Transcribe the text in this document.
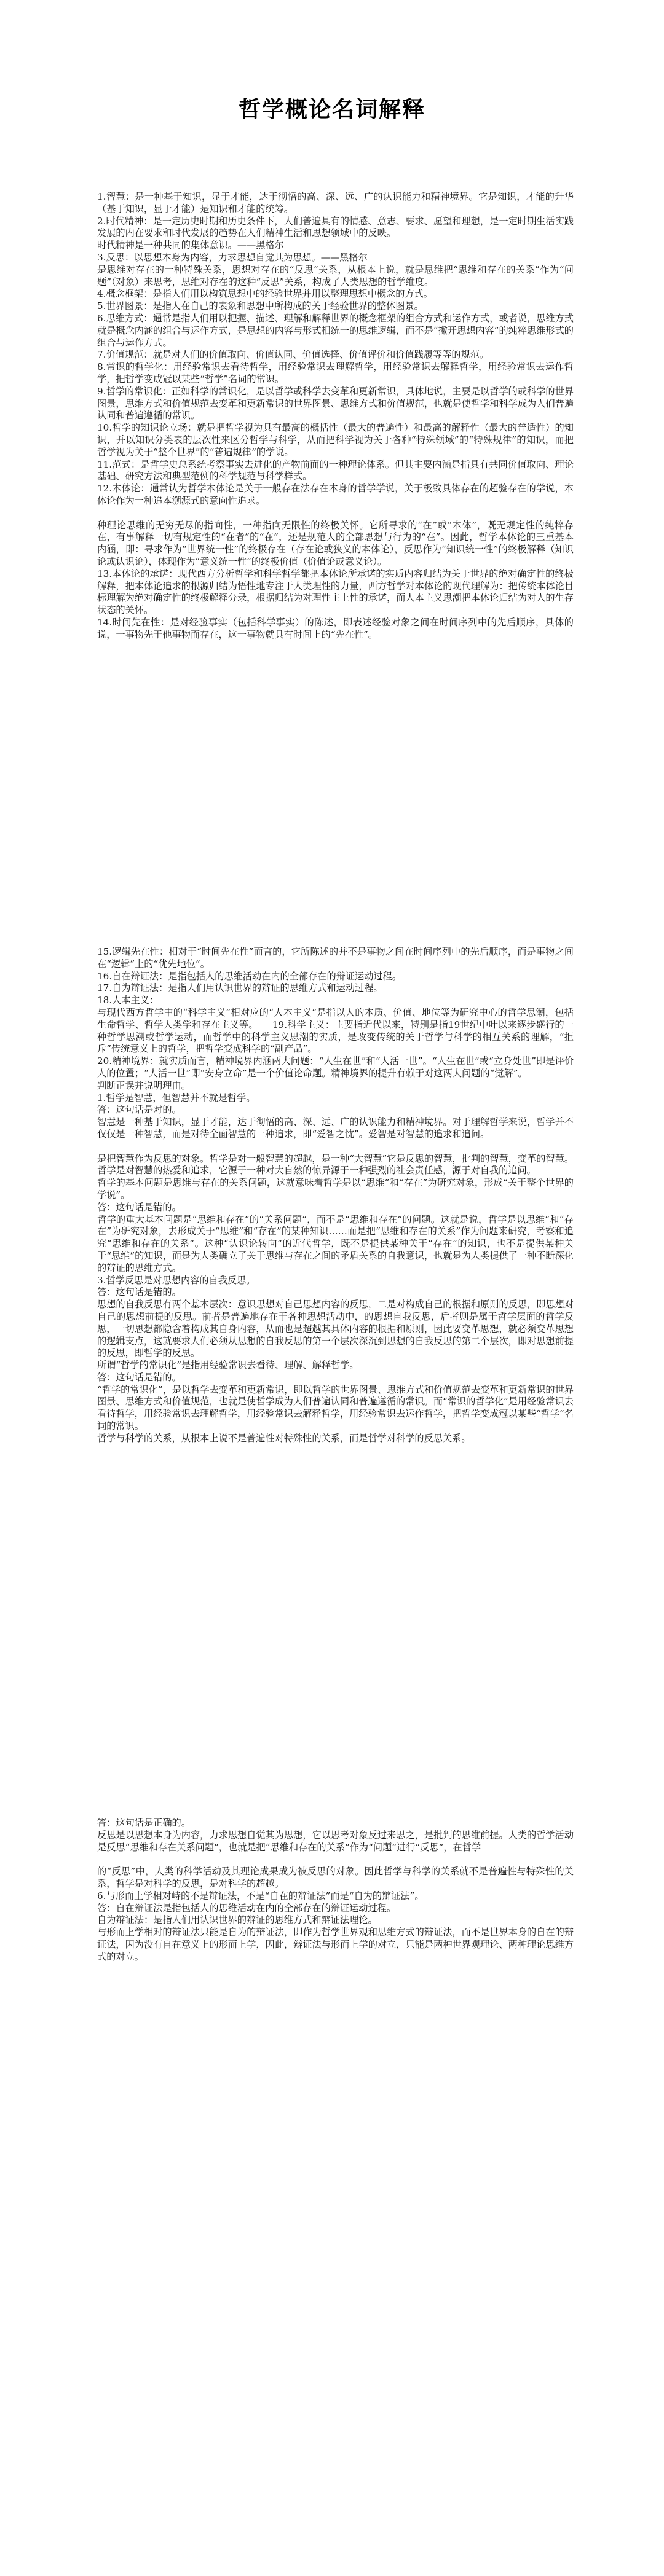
哲学概论名词解释

1.智慧：是一种基于知识，显于才能，达于彻悟的高、深、远、广的认识能力和精神境界。它是知识，才能的升华（基于知识，显于才能）是知识和才能的统筹。

2.时代精神：是一定历史时期和历史条件下，人们普遍具有的情感、意志、要求、愿望和理想，是一定时期生活实践发展的内在要求和时代发展的趋势在人们精神生活和思想领域中的反映。

时代精神是一种共同的集体意识。——黑格尔

3.反思：以思想本身为内容，力求思想自觉其为思想。——黑格尔

是思维对存在的一种特殊关系，思想对存在的“反思”关系，从根本上说，就是思维把“思维和存在的关系”作为“问题”（对象）来思考，思维对存在的这种“反思”关系，构成了人类思想的哲学维度。

4.概念框架：是指人们用以构筑思想中的经验世界并用以整理思想中概念的方式。

5.世界图景：是指人在自己的表象和思想中所构成的关于经验世界的整体图景。

6.思维方式：通常是指人们用以把握、描述、理解和解释世界的概念框架的组合方式和运作方式，或者说，思维方式就是概念内涵的组合与运作方式，是思想的内容与形式相统一的思维逻辑，而不是“撇开思想内容”的纯粹思维形式的组合与运作方式。

7.价值规范：就是对人们的价值取向、价值认同、价值选择、价值评价和价值践履等等的规范。

8.常识的哲学化：用经验常识去看待哲学，用经验常识去理解哲学，用经验常识去解释哲学，用经验常识去运作哲学，把哲学变成冠以某些“哲学”名词的常识。

9.哲学的常识化：正如科学的常识化，是以哲学或科学去变革和更新常识，具体地说，主要是以哲学的或科学的世界图景，思维方式和价值规范去变革和更新常识的世界图景、思维方式和价值规范，也就是使哲学和科学成为人们普遍认同和普遍遵循的常识。

10.哲学的知识论立场：就是把哲学视为具有最高的概括性（最大的普遍性）和最高的解释性（最大的普适性）的知识，并以知识分类表的层次性来区分哲学与科学，从而把科学视为关于各种“特殊领域”的“特殊规律”的知识，而把哲学视为关于“整个世界”的“普遍规律”的学说。

11.范式：是哲学史总系统考察事实去进化的产物前面的一种理论体系。但其主要内涵是指具有共同价值取向、理论基础、研究方法和典型范例的科学规范与科学样式。

12.本体论：通常认为哲学本体论是关于一般存在法存在本身的哲学学说，关于极致具体存在的超验存在的学说，本体论作为一种追本溯源式的意向性追求。

种理论思维的无穷无尽的指向性，一种指向无限性的终极关怀。它所寻求的“在”或“本体”，既无规定性的纯粹存在，有事解释一切有规定性的“在者”的“在”，还是规范人的全部思想与行为的“在”。因此，哲学本体论的三重基本内涵，即：寻求作为“世界统一性”的终极存在（存在论或狭义的本体论），反思作为“知识统一性”的终极解释（知识论或认识论），体现作为“意义统一性”的终极价值（价值论或意义论）。

13.本体论的承诺：现代西方分析哲学和科学哲学都把本体论所承诺的实质内容归结为关于世界的绝对确定性的终极解释，把本体论追求的根源归结为悟性地专注于人类理性的力量，西方哲学对本体论的现代理解为：把传统本体论目标理解为绝对确定性的终极解释分录，根据归结为对理性主上性的承诺，而人本主义思潮把本体论归结为对人的生存状态的关怀。

14.时间先在性：是对经验事实（包括科学事实）的陈述，即表述经验对象之间在时间序列中的先后顺序，具体的说，一事物先于他事物而存在，这一事物就具有时间上的“先在性”。

15.逻辑先在性：相对于“时间先在性”而言的，它所陈述的并不是事物之间在时间序列中的先后顺序，而是事物之间在“逻辑”上的“优先地位”。

16.自在辩证法：是指包括人的思维活动在内的全部存在的辩证运动过程。

17.自为辩证法：是指人们用认识世界的辩证的思维方式和运动过程。

18.人本主义：

与现代西方哲学中的“科学主义”相对应的“人本主义”是指以人的本质、价值、地位等为研究中心的哲学思潮，包括生命哲学、哲学人类学和存在主义等。　　19.科学主义：主要指近代以来，特别是指19世纪中叶以来逐步盛行的一种哲学思潮或哲学运动，而哲学中的科学主义思潮的实质，是改变传统的关于哲学与科学的相互关系的理解，“拒斥”传统意义上的哲学，把哲学变成科学的“副产品”。

20.精神境界：就实质而言，精神境界内涵两大问题：“人生在世”和“人活一世”。“人生在世”或“立身处世”即是评价人的位置；“人活一世”即“安身立命”是一个价值论命题。精神境界的提升有赖于对这两大问题的“觉解”。

判断正误并说明理由。

1.哲学是智慧，但智慧并不就是哲学。

答：这句话是对的。

智慧是一种基于知识，显于才能，达于彻悟的高、深、远、广的认识能力和精神境界。对于理解哲学来说，哲学并不仅仅是一种智慧，而是对待全面智慧的一种追求，即“爱智之忱”。爱智是对智慧的追求和追问。

是把智慧作为反思的对象。哲学是对一般智慧的超越，是一种“大智慧”它是反思的智慧，批判的智慧，变革的智慧。哲学是对智慧的热爱和追求，它源于一种对大自然的惊异源于一种强烈的社会责任感，源于对自我的追问。

哲学的基本问题是思维与存在的关系问题，这就意味着哲学是以“思维”和“存在”为研究对象，形成“关于整个世界的学说”。

答：这句话是错的。

哲学的重大基本问题是“思维和存在”的“关系问题”，而不是“思维和存在”的问题。这就是说，哲学是以思维”和“存在”为研究对象，去形成关于“思维”和“存在”的某种知识……而是把“思维和存在的关系”作为问题来研究，考察和追究“思维和存在的关系”。这种“认识论转向”的近代哲学，既不是提供某种关于“存在”的知识，也不是提供某种关于“思维”的知识，而是为人类确立了关于思维与存在之间的矛盾关系的自我意识，也就是为人类提供了一种不断深化的辩证的思维方式。

3.哲学反思是对思想内容的自我反思。

答：这句话是错的。

思想的自我反思有两个基本层次：意识思想对自己思想内容的反思，二是对构成自己的根据和原则的反思，即思想对自己的思想前提的反思。前者是普遍地存在于各种思想活动中，的思想自我反思，后者则是属于哲学层面的哲学反思，一切思想都隐含着构成其自身内容，从而也是超越其具体内容的根据和原则，因此要变革思想，就必须变革思想的逻辑支点，这就要求人们必须从思想的自我反思的第一个层次深沉到思想的自我反思的第二个层次，即对思想前提的反思，即哲学的反思。

所谓“哲学的常识化”是指用经验常识去看待、理解、解释哲学。

答：这句话是错的。

“哲学的常识化”，是以哲学去变革和更新常识，即以哲学的世界图景、思维方式和价值规范去变革和更新常识的世界图景、思维方式和价值规范，也就是使哲学成为人们普遍认同和普遍遵循的常识。而“常识的哲学化”是用经验常识去看待哲学，用经验常识去理解哲学，用经验常识去解释哲学，用经验常识去运作哲学，把哲学变成冠以某些“哲学”名词的常识。

哲学与科学的关系，从根本上说不是普遍性对特殊性的关系，而是哲学对科学的反思关系。

答：这句话是正确的。

反思是以思想本身为内容，力求思想自觉其为思想，它以思考对象反过来思之，是批判的思维前提。人类的哲学活动是反思“思维和存在关系问题”，也就是把“思维和存在的关系”作为“问题”进行“反思”，在哲学

的“反思”中，人类的科学活动及其理论成果成为被反思的对象。因此哲学与科学的关系就不是普遍性与特殊性的关系，哲学是对科学的反思，是对科学的超越。

6.与形而上学相对峙的不是辩证法，不是“自在的辩证法”而是“自为的辩证法”。

答：自在辩证法是指包括人的思维活动在内的全部存在的辩证运动过程。

自为辩证法：是指人们用认识世界的辩证的思维方式和辩证法理论。

与形而上学相对的辩证法只能是自为的辩证法，即作为哲学世界观和思维方式的辩证法，而不是世界本身的自在的辩证法，因为没有自在意义上的形而上学，因此，辩证法与形而上学的对立，只能是两种世界观理论、两种理论思维方式的对立。
